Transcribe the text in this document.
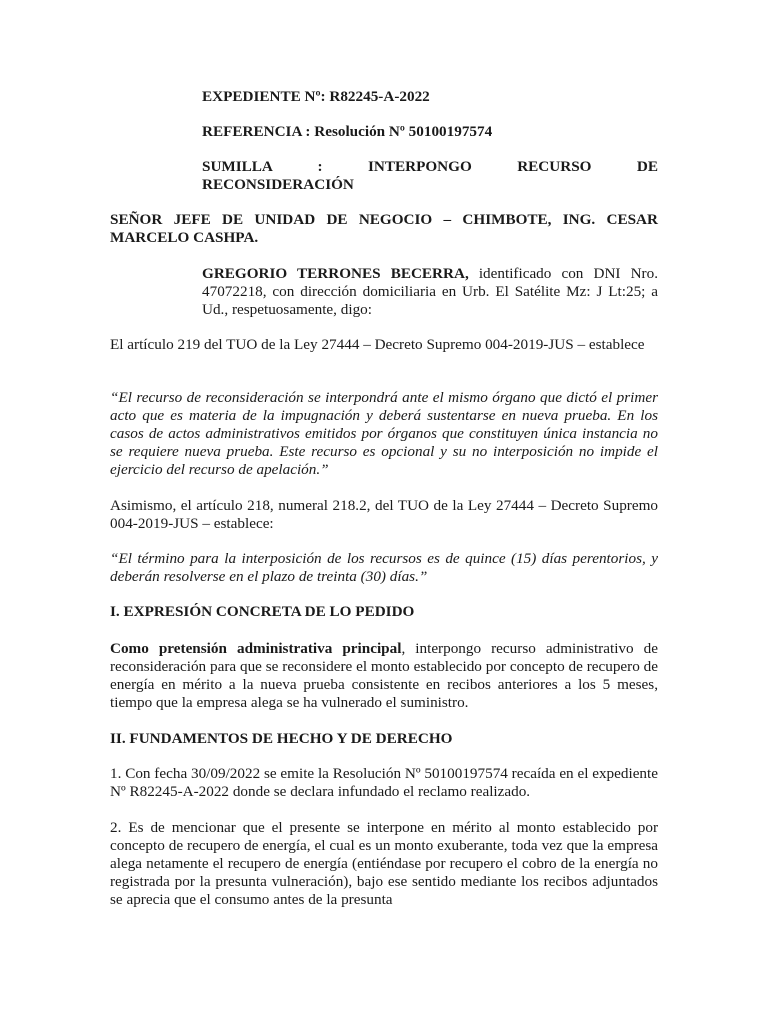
EXPEDIENTE Nº: R82245-A-2022

REFERENCIA : Resolución Nº 50100197574

SUMILLA : INTERPONGO RECURSO DE

RECONSIDERACIÓN

SEÑOR JEFE DE UNIDAD DE NEGOCIO – CHIMBOTE, ING. CESAR MARCELO CASHPA.

GREGORIO TERRONES BECERRA, identificado con DNI Nro. 47072218, con dirección domiciliaria en Urb. El Satélite Mz: J Lt:25; a Ud., respetuosamente, digo:

El artículo 219 del TUO de la Ley 27444 – Decreto Supremo 004-2019-JUS – establece

“El recurso de reconsideración se interpondrá ante el mismo órgano que dictó el primer acto que es materia de la impugnación y deberá sustentarse en nueva prueba. En los casos de actos administrativos emitidos por órganos que constituyen única instancia no se requiere nueva prueba. Este recurso es opcional y su no interposición no impide el ejercicio del recurso de apelación.”

Asimismo, el artículo 218, numeral 218.2, del TUO de la Ley 27444 – Decreto Supremo 004-2019-JUS – establece:

“El término para la interposición de los recursos es de quince (15) días perentorios, y deberán resolverse en el plazo de treinta (30) días.”

I. EXPRESIÓN CONCRETA DE LO PEDIDO

Como pretensión administrativa principal, interpongo recurso administrativo de reconsideración para que se reconsidere el monto establecido por concepto de recupero de energía en mérito a la nueva prueba consistente en recibos anteriores a los 5 meses, tiempo que la empresa alega se ha vulnerado el suministro.

II. FUNDAMENTOS DE HECHO Y DE DERECHO

1. Con fecha 30/09/2022 se emite la Resolución Nº 50100197574 recaída en el expediente Nº R82245-A-2022 donde se declara infundado el reclamo realizado.

2. Es de mencionar que el presente se interpone en mérito al monto establecido por concepto de recupero de energía, el cual es un monto exuberante, toda vez que la empresa alega netamente el recupero de energía (entiéndase por recupero el cobro de la energía no registrada por la presunta vulneración), bajo ese sentido mediante los recibos adjuntados se aprecia que el consumo antes de la presunta
